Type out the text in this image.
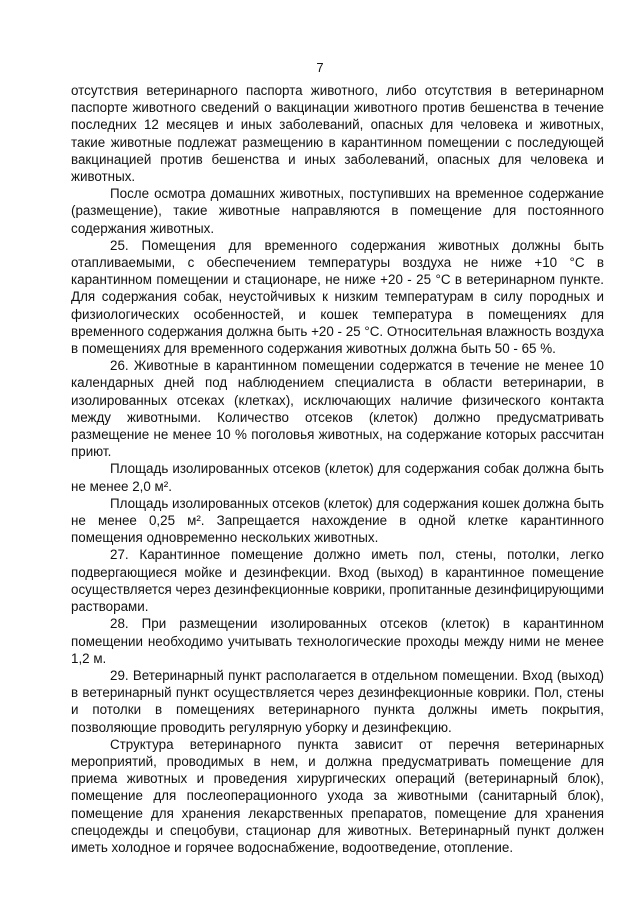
7

отсутствия ветеринарного паспорта животного, либо отсутствия в ветеринарном паспорте животного сведений о вакцинации животного против бешенства в течение последних 12 месяцев и иных заболеваний, опасных для человека и животных, такие животные подлежат размещению в карантинном помещении с последующей вакцинацией против бешенства и иных заболеваний, опасных для человека и животных.

После осмотра домашних животных, поступивших на временное содержание (размещение), такие животные направляются в помещение для постоянного содержания животных.

25. Помещения для временного содержания животных должны быть отапливаемыми, с обеспечением температуры воздуха не ниже +10 °С в карантинном помещении и стационаре, не ниже +20 - 25 °С в ветеринарном пункте. Для содержания собак, неустойчивых к низким температурам в силу породных и физиологических особенностей, и кошек температура в помещениях для временного содержания должна быть +20 - 25 °С. Относительная влажность воздуха в помещениях для временного содержания животных должна быть 50 - 65 %.

26. Животные в карантинном помещении содержатся в течение не менее 10 календарных дней под наблюдением специалиста в области ветеринарии, в изолированных отсеках (клетках), исключающих наличие физического контакта между животными. Количество отсеков (клеток) должно предусматривать размещение не менее 10 % поголовья животных, на содержание которых рассчитан приют.

Площадь изолированных отсеков (клеток) для содержания собак должна быть не менее 2,0 м².

Площадь изолированных отсеков (клеток) для содержания кошек должна быть не менее 0,25 м². Запрещается нахождение в одной клетке карантинного помещения одновременно нескольких животных.

27. Карантинное помещение должно иметь пол, стены, потолки, легко подвергающиеся мойке и дезинфекции. Вход (выход) в карантинное помещение осуществляется через дезинфекционные коврики, пропитанные дезинфицирующими растворами.

28. При размещении изолированных отсеков (клеток) в карантинном помещении необходимо учитывать технологические проходы между ними не менее 1,2 м.

29. Ветеринарный пункт располагается в отдельном помещении. Вход (выход) в ветеринарный пункт осуществляется через дезинфекционные коврики. Пол, стены и потолки в помещениях ветеринарного пункта должны иметь покрытия, позволяющие проводить регулярную уборку и дезинфекцию.

Структура ветеринарного пункта зависит от перечня ветеринарных мероприятий, проводимых в нем, и должна предусматривать помещение для приема животных и проведения хирургических операций (ветеринарный блок), помещение для послеоперационного ухода за животными (санитарный блок), помещение для хранения лекарственных препаратов, помещение для хранения спецодежды и спецобуви, стационар для животных. Ветеринарный пункт должен иметь холодное и горячее водоснабжение, водоотведение, отопление.
